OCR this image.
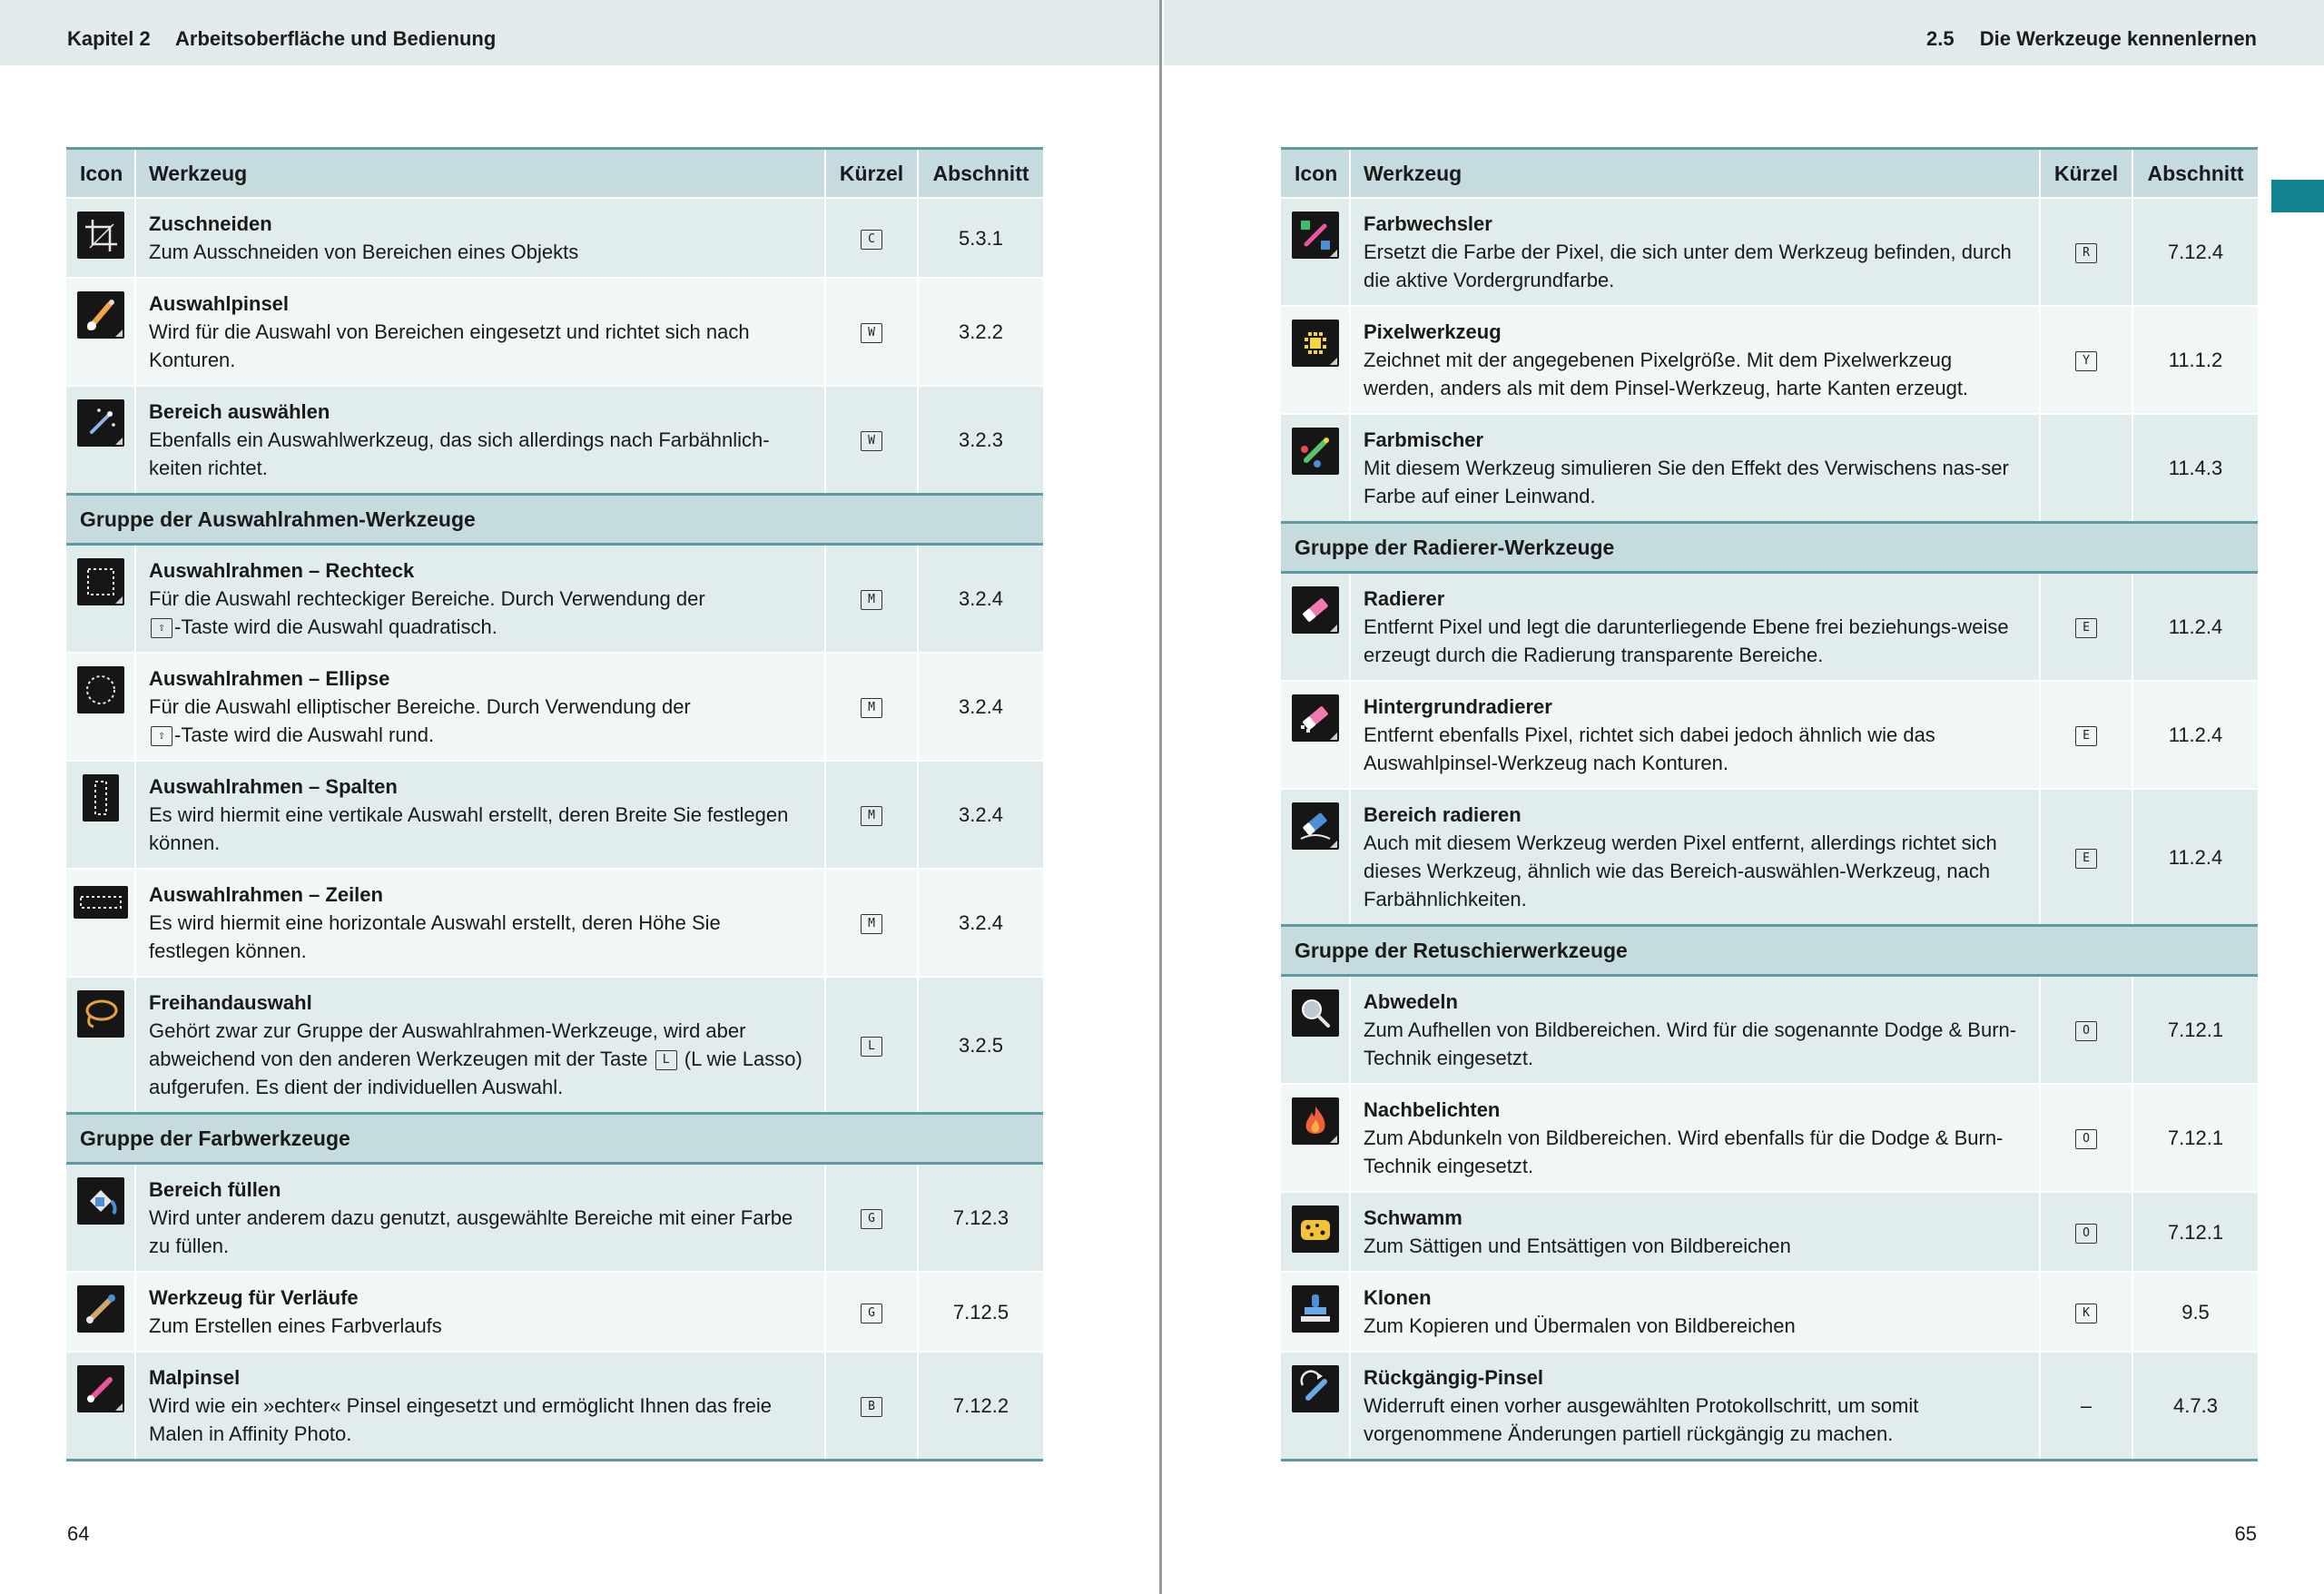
Kapitel 2 Arbeitsoberfläche und Bedienung
Icon	Werkzeug	Kürzel	Abschnitt

Zuschneiden
Zum Ausschneiden von Bereichen eines Objekts	C	5.3.1

Auswahlpinsel
Wird für die Auswahl von Bereichen eingesetzt und richtet sich nach Konturen.	W	3.2.2

Bereich auswählen
Ebenfalls ein Auswahlwerkzeug, das sich allerdings nach Farbähnlich-keiten richtet.	W	3.2.3
Gruppe der Auswahlrahmen-Werkzeuge			

Auswahlrahmen – Rechteck
Für die Auswahl rechteckiger Bereiche. Durch Verwendung der
⇧ -Taste wird die Auswahl quadratisch.	M	3.2.4

Auswahlrahmen – Ellipse
Für die Auswahl elliptischer Bereiche. Durch Verwendung der
⇧ -Taste wird die Auswahl rund.	M	3.2.4

Auswahlrahmen – Spalten
Es wird hiermit eine vertikale Auswahl erstellt, deren Breite Sie festlegen können.	M	3.2.4

Auswahlrahmen – Zeilen
Es wird hiermit eine horizontale Auswahl erstellt, deren Höhe Sie festlegen können.	M	3.2.4

Freihandauswahl
Gehört zwar zur Gruppe der Auswahlrahmen-Werkzeuge, wird aber abweichend von den anderen Werkzeugen mit der Taste L (L wie Lasso) aufgerufen. Es dient der individuellen Auswahl.	L	3.2.5
Gruppe der Farbwerkzeuge			

Bereich füllen
Wird unter anderem dazu genutzt, ausgewählte Bereiche mit einer Farbe zu füllen.	G	7.12.3

Werkzeug für Verläufe
Zum Erstellen eines Farbverlaufs	G	7.12.5

Malpinsel
Wird wie ein »echter« Pinsel eingesetzt und ermöglicht Ihnen das freie Malen in Affinity Photo.	B	7.12.2
64
2.5 Die Werkzeuge kennenlernen
Icon	Werkzeug	Kürzel	Abschnitt

Farbwechsler
Ersetzt die Farbe der Pixel, die sich unter dem Werkzeug befinden, durch die aktive Vordergrundfarbe.	R	7.12.4

Pixelwerkzeug
Zeichnet mit der angegebenen Pixelgröße. Mit dem Pixelwerkzeug werden, anders als mit dem Pinsel-Werkzeug, harte Kanten erzeugt.	Y	11.1.2

Farbmischer
Mit diesem Werkzeug simulieren Sie den Effekt des Verwischens nas-ser Farbe auf einer Leinwand.		11.4.3
Gruppe der Radierer-Werkzeuge			

Radierer
Entfernt Pixel und legt die darunterliegende Ebene frei beziehungs-weise erzeugt durch die Radierung transparente Bereiche.	E	11.2.4

Hintergrundradierer
Entfernt ebenfalls Pixel, richtet sich dabei jedoch ähnlich wie das Auswahlpinsel-Werkzeug nach Konturen.	E	11.2.4

Bereich radieren
Auch mit diesem Werkzeug werden Pixel entfernt, allerdings richtet sich dieses Werkzeug, ähnlich wie das Bereich-auswählen-Werkzeug, nach Farbähnlichkeiten.	E	11.2.4
Gruppe der Retuschierwerkzeuge			

Abwedeln
Zum Aufhellen von Bildbereichen. Wird für die sogenannte Dodge & Burn-Technik eingesetzt.	O	7.12.1

Nachbelichten
Zum Abdunkeln von Bildbereichen. Wird ebenfalls für die Dodge & Burn-Technik eingesetzt.	O	7.12.1

Schwamm
Zum Sättigen und Entsättigen von Bildbereichen	O	7.12.1

Klonen
Zum Kopieren und Übermalen von Bildbereichen	K	9.5

Rückgängig-Pinsel
Widerruft einen vorher ausgewählten Protokollschritt, um somit vorgenommene Änderungen partiell rückgängig zu machen.	–	4.7.3
65
